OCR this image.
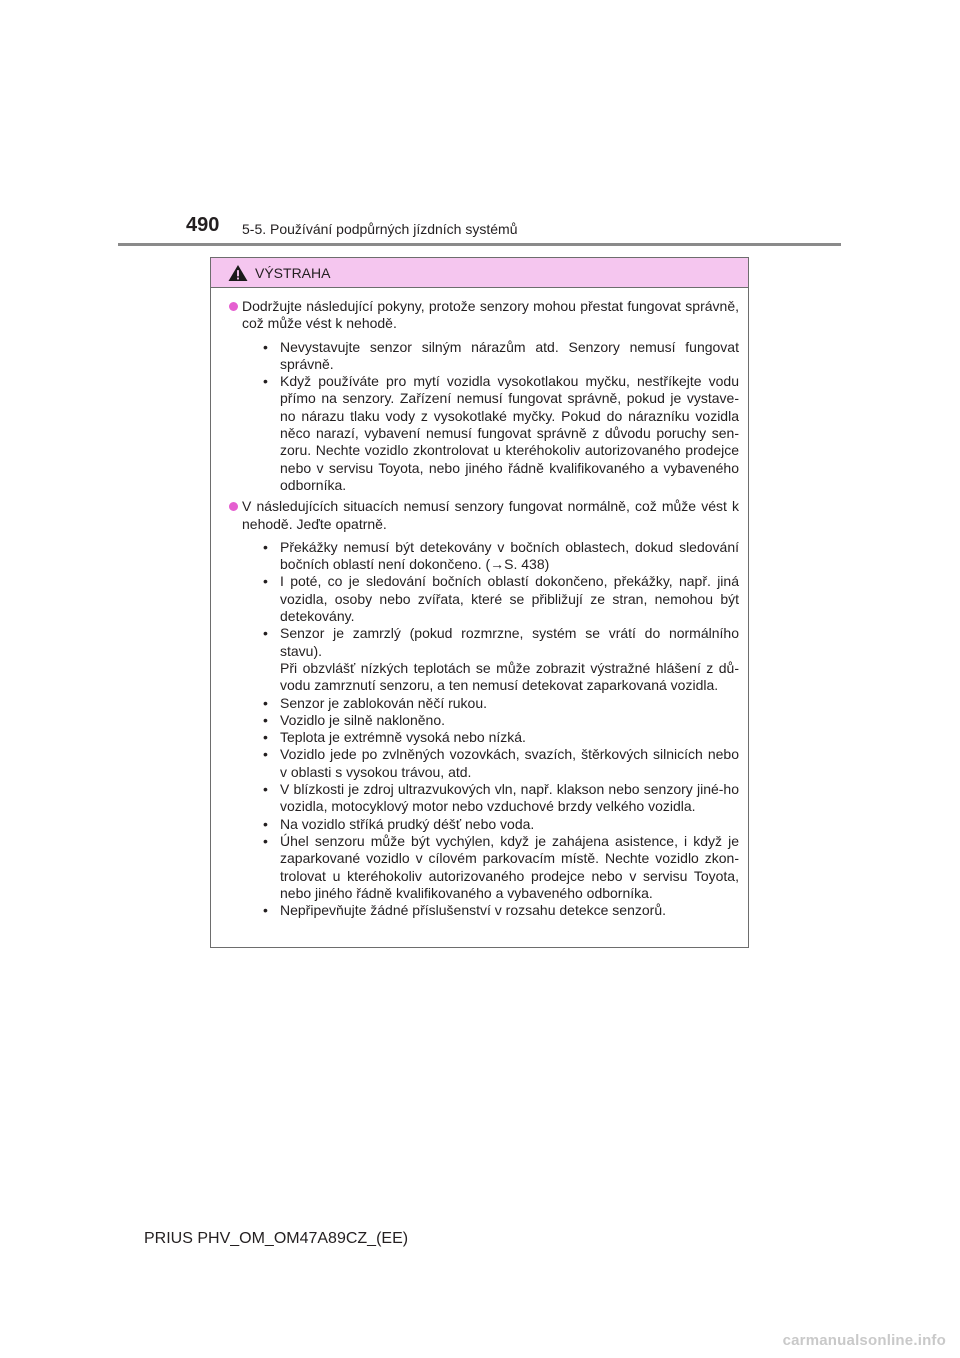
490 5-5. Používání podpůrných jízdních systémů
VÝSTRAHA
Dodržujte následující pokyny, protože senzory mohou přestat fungovat správně, což může vést k nehodě.
• Nevystavujte senzor silným nárazům atd. Senzory nemusí fungovat správně.
• Když používáte pro mytí vozidla vysokotlakou myčku, nestříkejte vodu přímo na senzory. Zařízení nemusí fungovat správně, pokud je vystave-no nárazu tlaku vody z vysokotlaké myčky. Pokud do nárazníku vozidla něco narazí, vybavení nemusí fungovat správně z důvodu poruchy sen-zoru. Nechte vozidlo zkontrolovat u kteréhokoliv autorizovaného prodejce nebo v servisu Toyota, nebo jiného řádně kvalifikovaného a vybaveného odborníka.
V následujících situacích nemusí senzory fungovat normálně, což může vést k nehodě. Jeďte opatrně.
• Překážky nemusí být detekovány v bočních oblastech, dokud sledování bočních oblastí není dokončeno. (→S. 438)
• I poté, co je sledování bočních oblastí dokončeno, překážky, např. jiná vozidla, osoby nebo zvířata, které se přibližují ze stran, nemohou být detekovány.
• Senzor je zamrzlý (pokud rozmrzne, systém se vrátí do normálního stavu).
Při obzvlášť nízkých teplotách se může zobrazit výstražné hlášení z dů-vodu zamrznutí senzoru, a ten nemusí detekovat zaparkovaná vozidla.
• Senzor je zablokován něčí rukou.
• Vozidlo je silně nakloněno.
• Teplota je extrémně vysoká nebo nízká.
• Vozidlo jede po zvlněných vozovkách, svazích, štěrkových silnicích nebo v oblasti s vysokou trávou, atd.
• V blízkosti je zdroj ultrazvukových vln, např. klakson nebo senzory jiné-ho vozidla, motocyklový motor nebo vzduchové brzdy velkého vozidla.
• Na vozidlo stříká prudký déšť nebo voda.
• Úhel senzoru může být vychýlen, když je zahájena asistence, i když je zaparkované vozidlo v cílovém parkovacím místě. Nechte vozidlo zkon-trolovat u kteréhokoliv autorizovaného prodejce nebo v servisu Toyota, nebo jiného řádně kvalifikovaného a vybaveného odborníka.
• Nepřipevňujte žádné příslušenství v rozsahu detekce senzorů.
PRIUS PHV_OM_OM47A89CZ_(EE)
carmanualsonline.info
